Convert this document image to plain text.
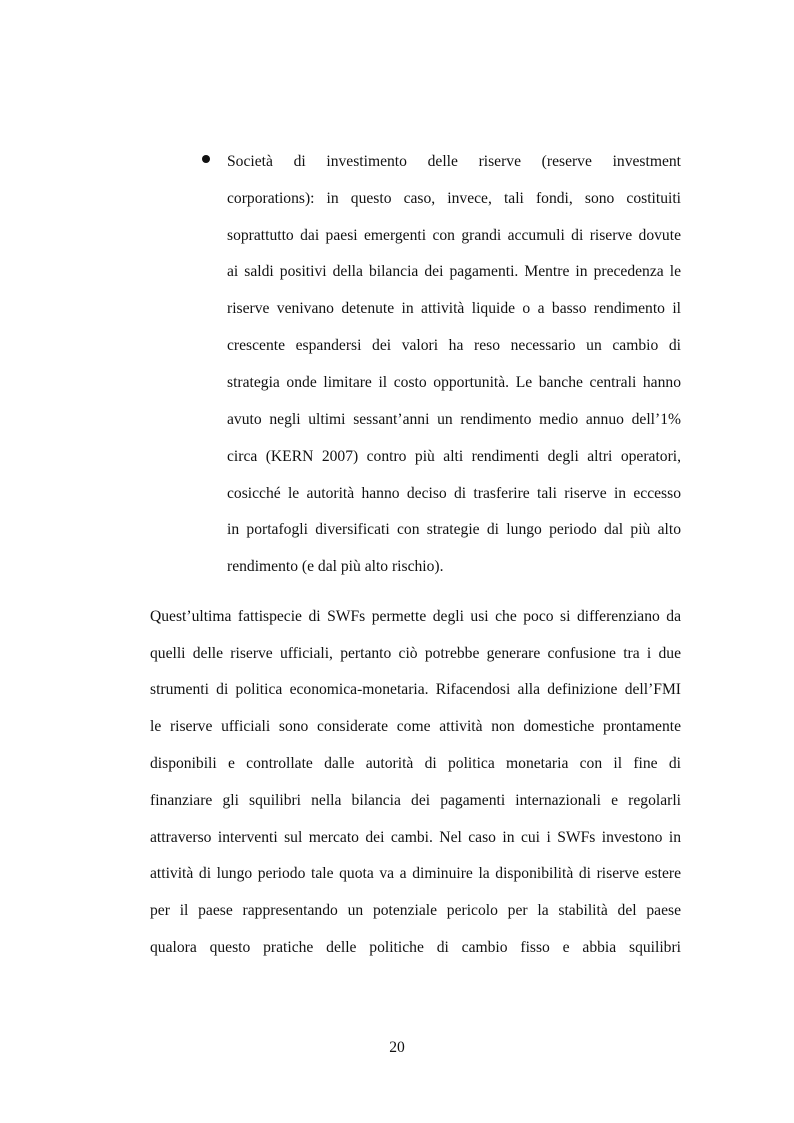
Società di investimento delle riserve (reserve investment
corporations): in questo caso, invece, tali fondi, sono costituiti
soprattutto dai paesi emergenti con grandi accumuli di riserve dovute
ai saldi positivi della bilancia dei pagamenti. Mentre in precedenza le
riserve venivano detenute in attività liquide o a basso rendimento il
crescente espandersi dei valori ha reso necessario un cambio di
strategia onde limitare il costo opportunità. Le banche centrali hanno
avuto negli ultimi sessant’anni un rendimento medio annuo dell’1%
circa (KERN 2007) contro più alti rendimenti degli altri operatori,
cosicché le autorità hanno deciso di trasferire tali riserve in eccesso
in portafogli diversificati con strategie di lungo periodo dal più alto
rendimento (e dal più alto rischio).
Quest’ultima fattispecie di SWFs permette degli usi che poco si differenziano da
quelli delle riserve ufficiali, pertanto ciò potrebbe generare confusione tra i due
strumenti di politica economica-monetaria. Rifacendosi alla definizione dell’FMI
le riserve ufficiali sono considerate come attività non domestiche prontamente
disponibili e controllate dalle autorità di politica monetaria con il fine di
finanziare gli squilibri nella bilancia dei pagamenti internazionali e regolarli
attraverso interventi sul mercato dei cambi. Nel caso in cui i SWFs investono in
attività di lungo periodo tale quota va a diminuire la disponibilità di riserve estere
per il paese rappresentando un potenziale pericolo per la stabilità del paese
qualora questo pratiche delle politiche di cambio fisso e abbia squilibri
20
